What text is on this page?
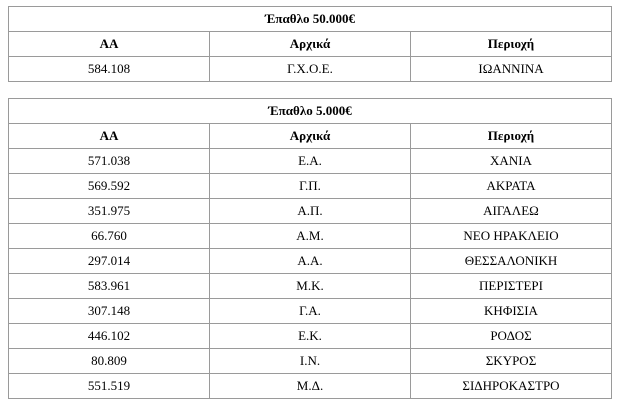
Έπαθλο 50.000€		
ΑΑ	Αρχικά	Περιοχή
584.108	Γ.Χ.Ο.Ε.	ΙΩΑΝΝΙΝΑ
Έπαθλο 5.000€		
ΑΑ	Αρχικά	Περιοχή
571.038	Ε.Α.	ΧΑΝΙΑ
569.592	Γ.Π.	ΑΚΡΑΤΑ
351.975	Α.Π.	ΑΙΓΑΛΕΩ
66.760	Α.Μ.	ΝΕΟ ΗΡΑΚΛΕΙΟ
297.014	Α.Α.	ΘΕΣΣΑΛΟΝΙΚΗ
583.961	Μ.Κ.	ΠΕΡΙΣΤΕΡΙ
307.148	Γ.Α.	ΚΗΦΙΣΙΑ
446.102	Ε.Κ.	ΡΟΔΟΣ
80.809	Ι.Ν.	ΣΚΥΡΟΣ
551.519	Μ.Δ.	ΣΙΔΗΡΟΚΑΣΤΡΟ
